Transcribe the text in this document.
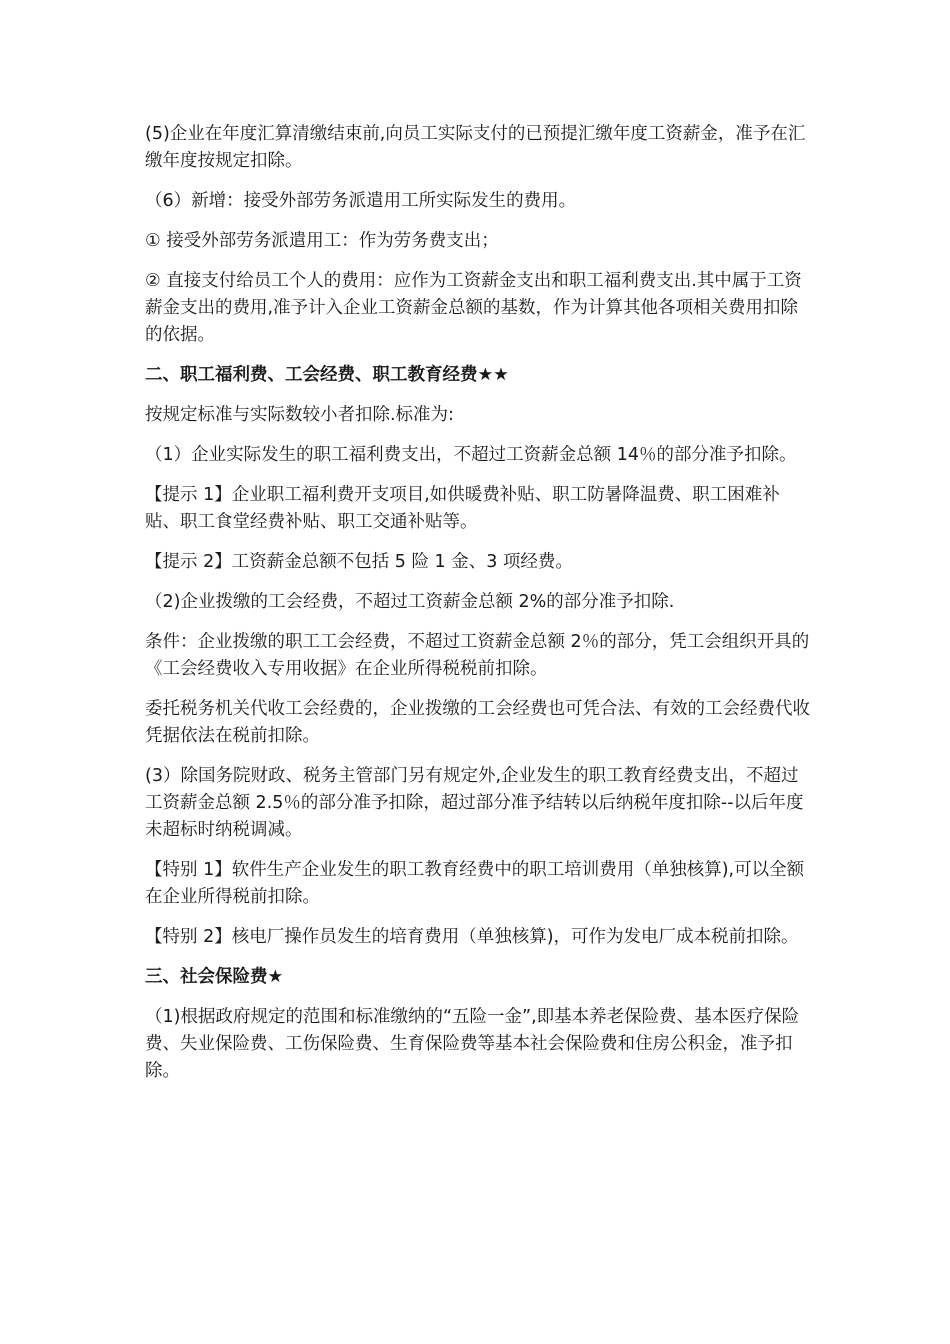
(5)企业在年度汇算清缴结束前,向员工实际支付的已预提汇缴年度工资薪金，准予在汇缴年度按规定扣除。

（6）新增：接受外部劳务派遣用工所实际发生的费用。

① 接受外部劳务派遣用工：作为劳务费支出；

② 直接支付给员工个人的费用：应作为工资薪金支出和职工福利费支出.其中属于工资薪金支出的费用,准予计入企业工资薪金总额的基数，作为计算其他各项相关费用扣除的依据。

二、职工福利费、工会经费、职工教育经费★★

按规定标准与实际数较小者扣除.标准为:

（1）企业实际发生的职工福利费支出，不超过工资薪金总额 14％的部分准予扣除。

【提示 1】企业职工福利费开支项目,如供暖费补贴、职工防暑降温费、职工困难补贴、职工食堂经费补贴、职工交通补贴等。

【提示 2】工资薪金总额不包括 5 险 1 金、3 项经费。

（2)企业拨缴的工会经费，不超过工资薪金总额 2%的部分准予扣除.

条件：企业拨缴的职工工会经费，不超过工资薪金总额 2％的部分，凭工会组织开具的《工会经费收入专用收据》在企业所得税税前扣除。

委托税务机关代收工会经费的，企业拨缴的工会经费也可凭合法、有效的工会经费代收凭据依法在税前扣除。

(3）除国务院财政、税务主管部门另有规定外,企业发生的职工教育经费支出，不超过工资薪金总额 2.5％的部分准予扣除，超过部分准予结转以后纳税年度扣除--以后年度未超标时纳税调减。

【特别 1】软件生产企业发生的职工教育经费中的职工培训费用（单独核算),可以全额在企业所得税前扣除。

【特别 2】核电厂操作员发生的培育费用（单独核算)，可作为发电厂成本税前扣除。

三、社会保险费★

（1)根据政府规定的范围和标准缴纳的“五险一金”,即基本养老保险费、基本医疗保险费、失业保险费、工伤保险费、生育保险费等基本社会保险费和住房公积金，准予扣除。
